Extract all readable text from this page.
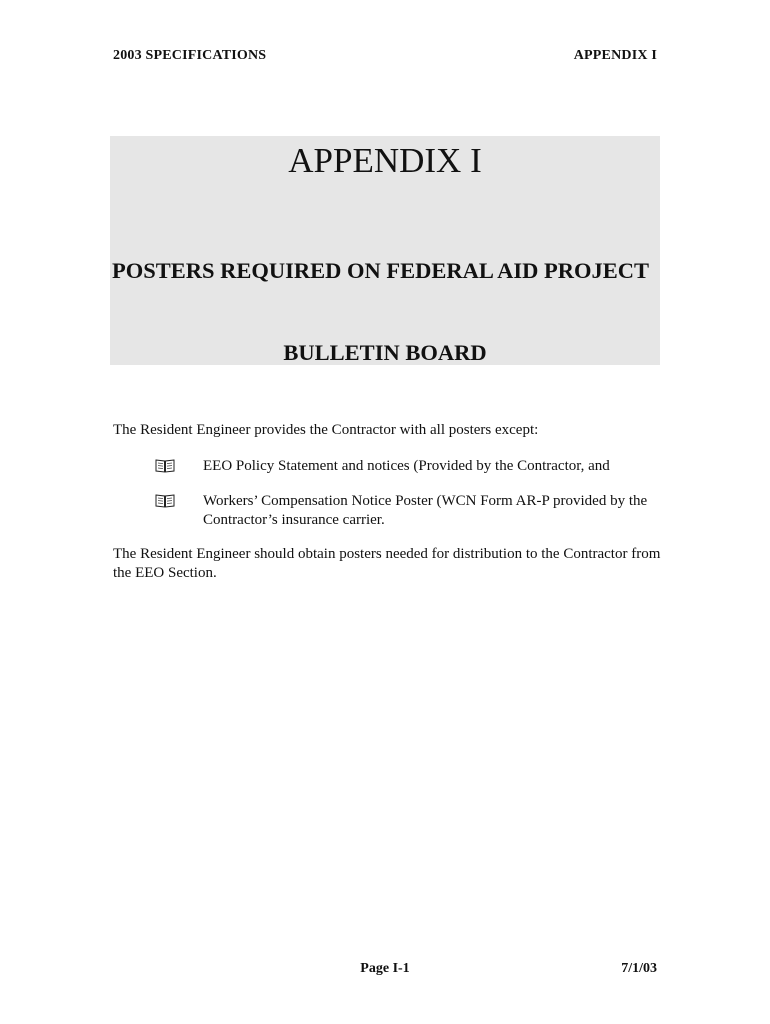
2003 SPECIFICATIONS	APPENDIX I
APPENDIX I
POSTERS REQUIRED ON FEDERAL AID PROJECT
BULLETIN BOARD
The Resident Engineer provides the Contractor with all posters except:
EEO Policy Statement and notices (Provided by the Contractor, and
Workers’ Compensation Notice Poster (WCN Form AR-P provided by the Contractor’s insurance carrier.
The Resident Engineer should obtain posters needed for distribution to the Contractor from the EEO Section.
Page I-1	7/1/03
